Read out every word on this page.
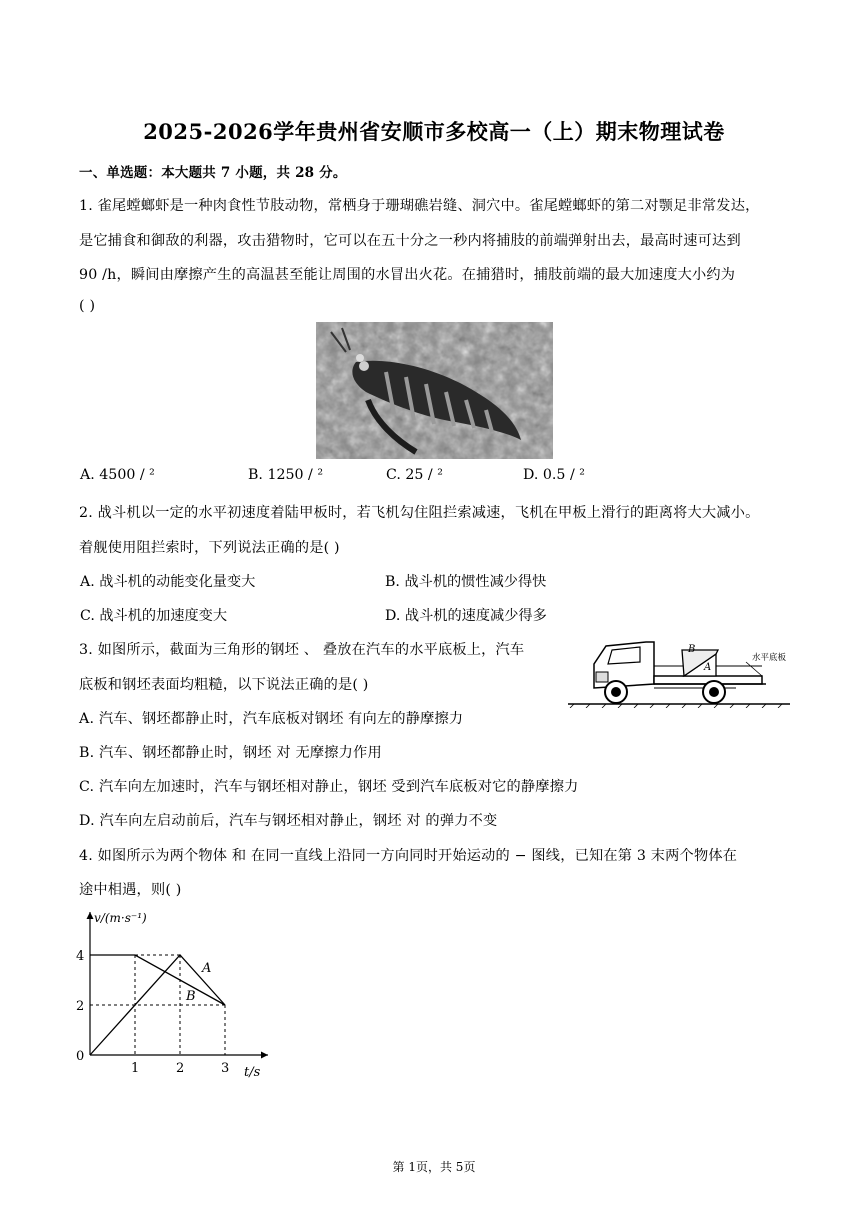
2025-2026学年贵州省安顺市多校高一（上）期末物理试卷
一、单选题：本大题共 7 小题，共 28 分。
1. 雀尾螳螂虾是一种肉食性节肢动物，常栖身于珊瑚礁岩缝、洞穴中。雀尾螳螂虾的第二对颚足非常发达，
是它捕食和御敌的利器，攻击猎物时，它可以在五十分之一秒内将捕肢的前端弹射出去，最高时速可达到
90 /h，瞬间由摩擦产生的高温甚至能让周围的水冒出火花。在捕猎时，捕肢前端的最大加速度大小约为
( )
A. 4500 / ²	B. 1250 / ²	C. 25 / ²	D. 0.5 / ²
2. 战斗机以一定的水平初速度着陆甲板时，若飞机勾住阻拦索减速，飞机在甲板上滑行的距离将大大减小。
着舰使用阻拦索时，下列说法正确的是( )
A. 战斗机的动能变化量变大	B. 战斗机的惯性减少得快
C. 战斗机的加速度变大	D. 战斗机的速度减少得多
3. 如图所示，截面为三角形的钢坯 、 叠放在汽车的水平底板上，汽车
底板和钢坯表面均粗糙，以下说法正确的是( )
B
A
水平底板
A. 汽车、钢坯都静止时，汽车底板对钢坯 有向左的静摩擦力
B. 汽车、钢坯都静止时，钢坯 对 无摩擦力作用
C. 汽车向左加速时，汽车与钢坯相对静止，钢坯 受到汽车底板对它的静摩擦力
D. 汽车向左启动前后，汽车与钢坯相对静止，钢坯 对 的弹力不变
4. 如图所示为两个物体 和 在同一直线上沿同一方向同时开始运动的 − 图线，已知在第 3 末两个物体在
途中相遇，则( )
v/(m·s⁻¹)
t/s
4
2
0
1	2	3
A
B
第 1页，共 5页
